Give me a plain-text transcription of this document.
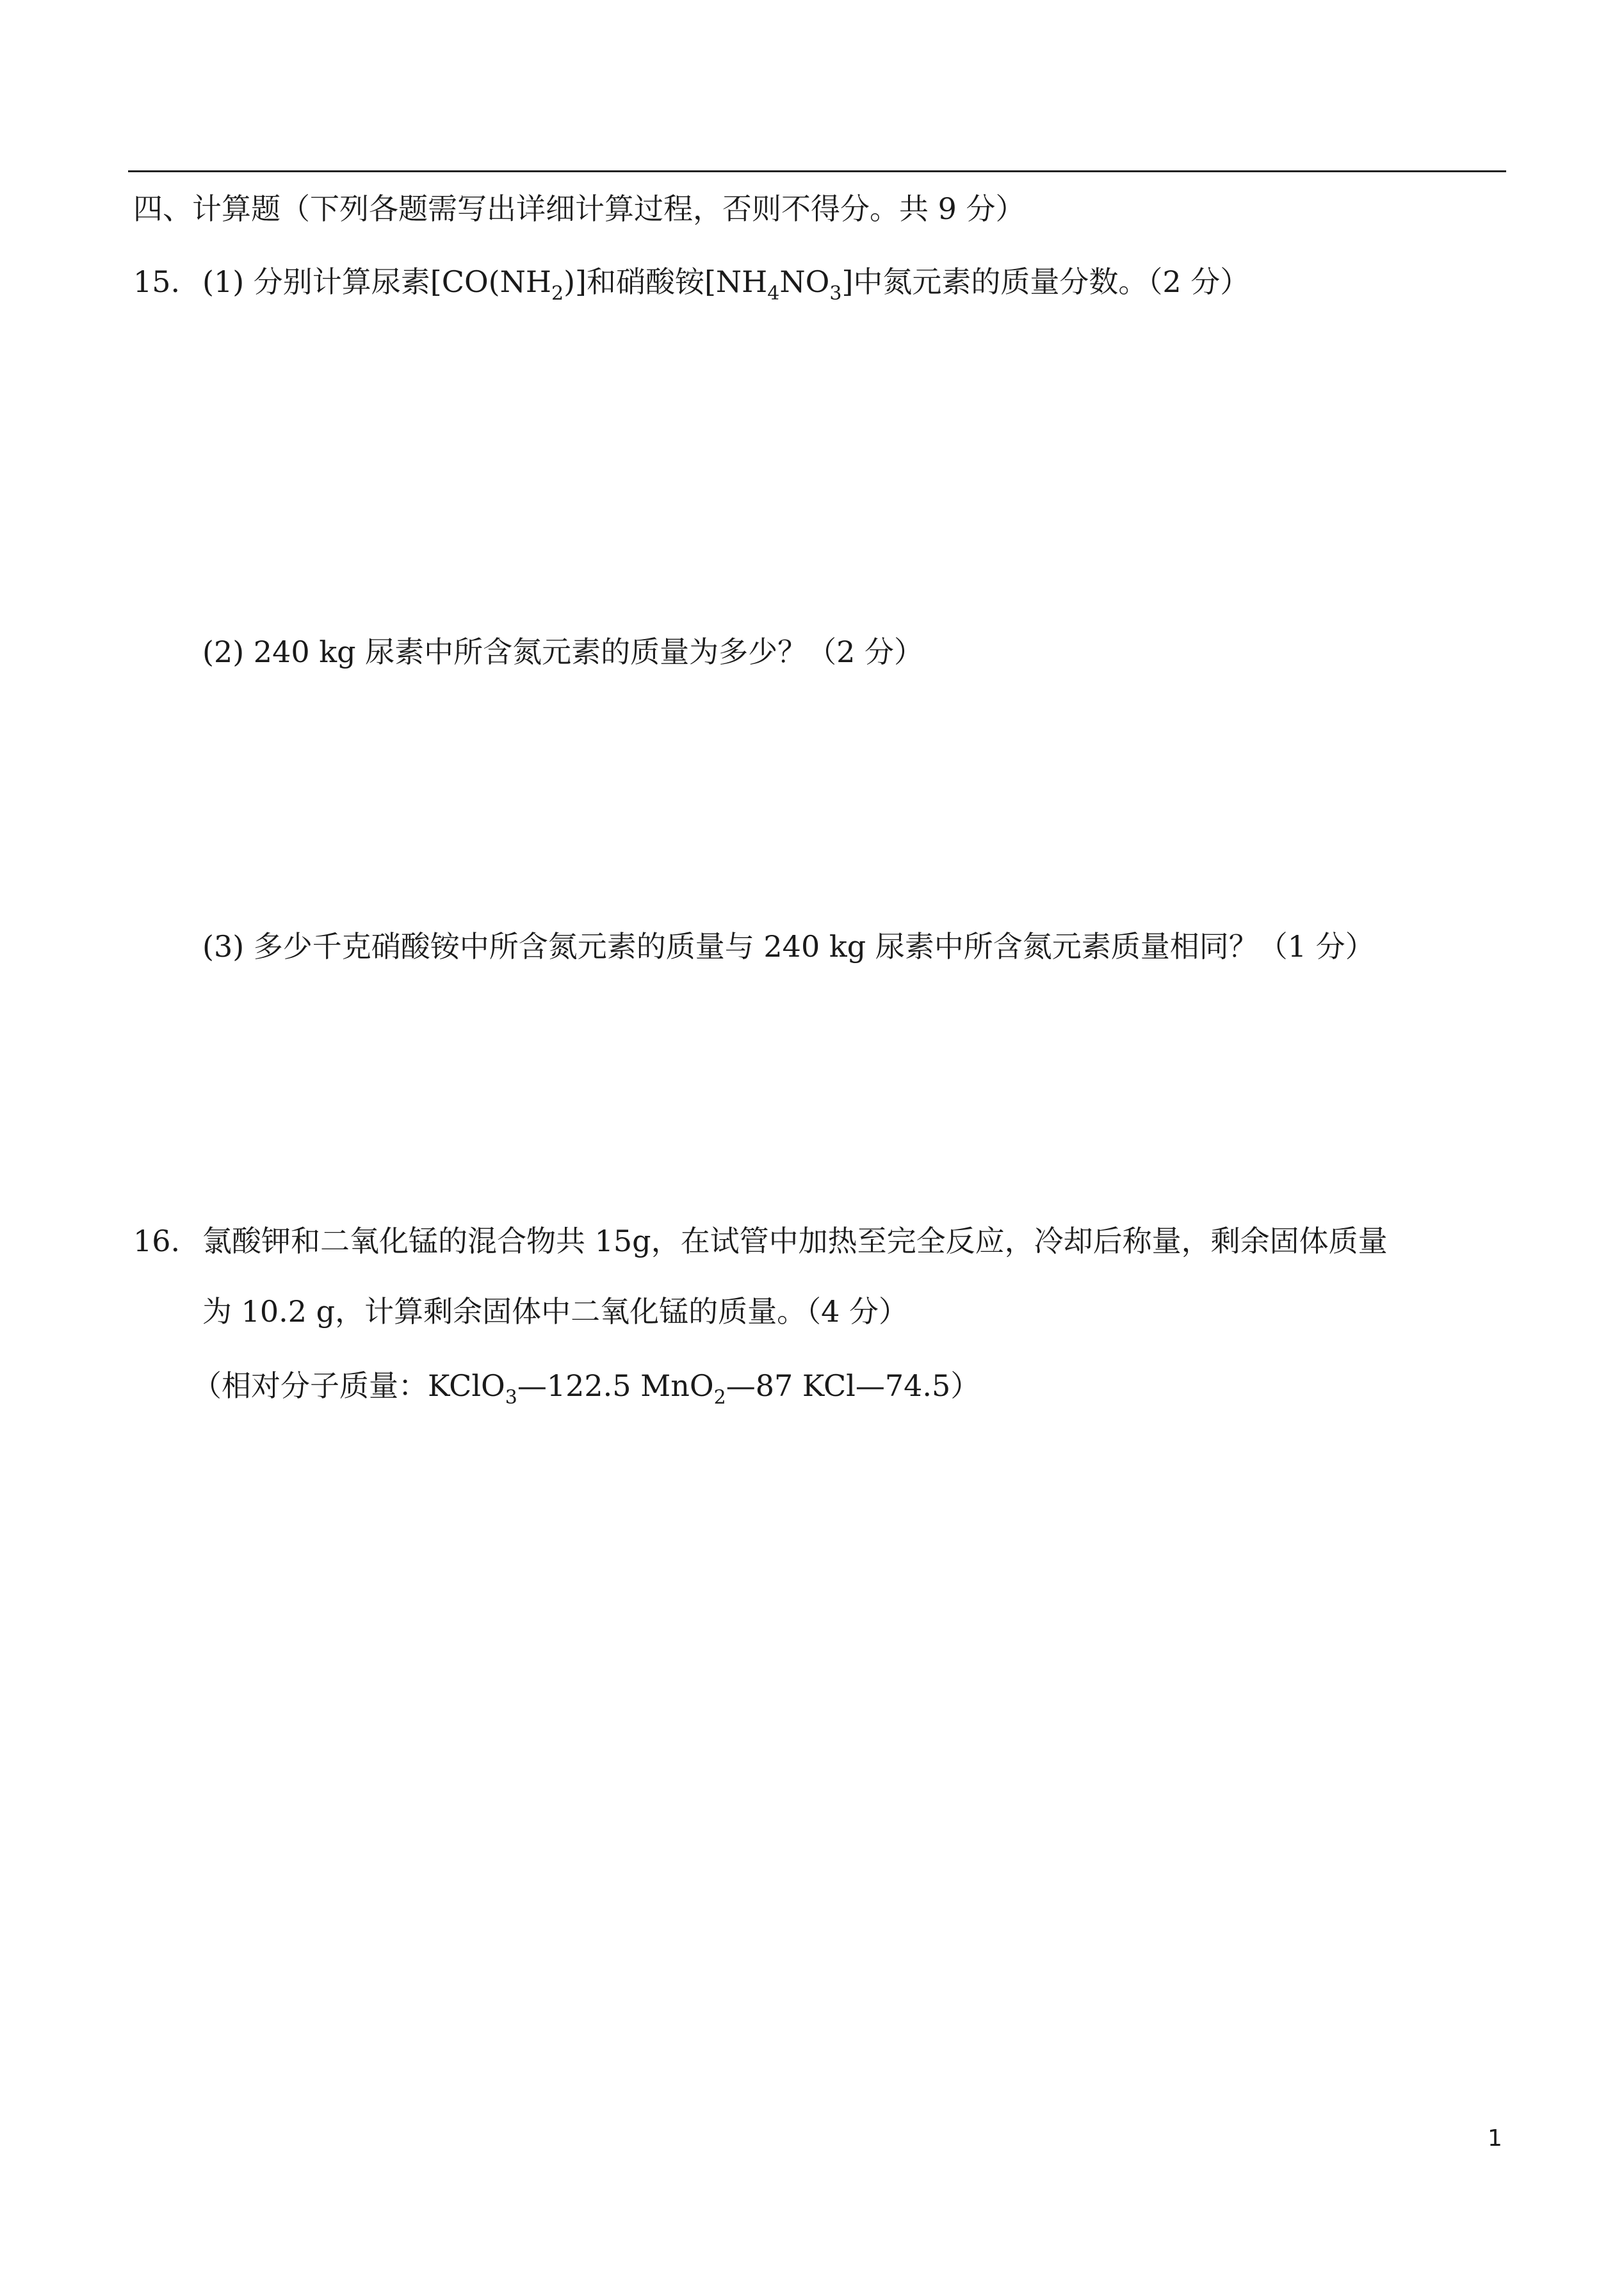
四、计算题（下列各题需写出详细计算过程，否则不得分。共 9 分）
15. (1) 分别计算尿素$[CO(NH_2)]$和硝酸铵$[NH_4NO_3]$中氮元素的质量分数。（2 分）
(2) 240 kg 尿素中所含氮元素的质量为多少？（2 分）
(3) 多少千克硝酸铵中所含氮元素的质量与 240 kg 尿素中所含氮元素质量相同？（1 分）
16. 氯酸钾和二氧化锰的混合物共 15g，在试管中加热至完全反应，冷却后称量，剩余固体质量
为 10.2 g，计算剩余固体中二氧化锰的质量。（4 分）
（相对分子质量：KClO$_3$—122.5 MnO$_2$—87 KCl—74.5）
1
